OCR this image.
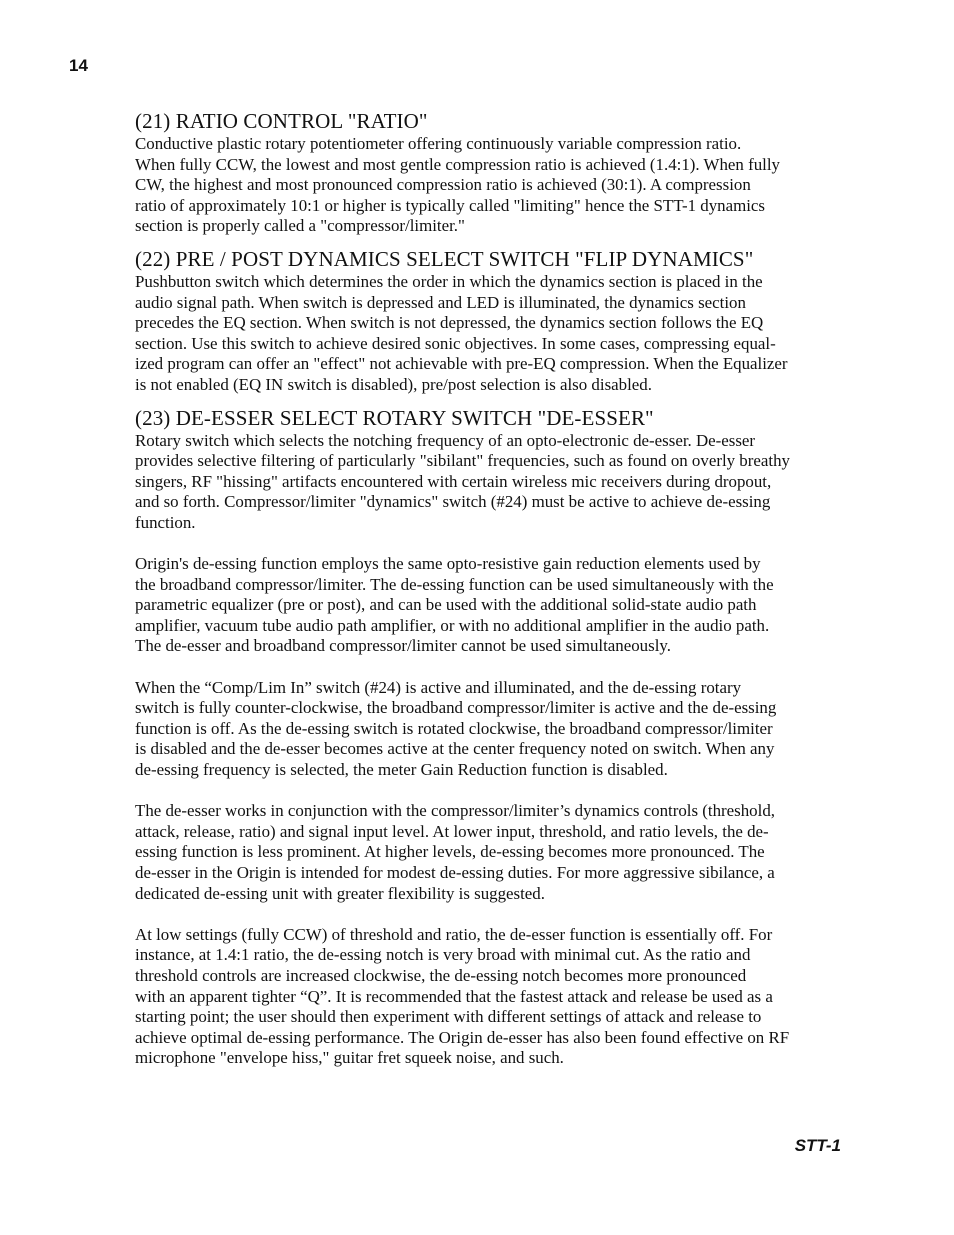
14
(21) RATIO CONTROL "RATIO"

Conductive plastic rotary potentiometer offering continuously variable compression ratio.
When fully CCW, the lowest and most gentle compression ratio is achieved (1.4:1). When fully
CW, the highest and most pronounced compression ratio is achieved (30:1). A compression
ratio of approximately 10:1 or higher is typically called "limiting" hence the STT-1 dynamics
section is properly called a "compressor/limiter."

(22) PRE / POST DYNAMICS SELECT SWITCH "FLIP DYNAMICS"

Pushbutton switch which determines the order in which the dynamics section is placed in the
audio signal path. When switch is depressed and LED is illuminated, the dynamics section
precedes the EQ section. When switch is not depressed, the dynamics section follows the EQ
section. Use this switch to achieve desired sonic objectives. In some cases, compressing equal-
ized program can offer an "effect" not achievable with pre-EQ compression. When the Equalizer
is not enabled (EQ IN switch is disabled), pre/post selection is also disabled.

(23) DE-ESSER SELECT ROTARY SWITCH "DE-ESSER"

Rotary switch which selects the notching frequency of an opto-electronic de-esser. De-esser
provides selective filtering of particularly "sibilant" frequencies, such as found on overly breathy
singers, RF "hissing" artifacts encountered with certain wireless mic receivers during dropout,
and so forth. Compressor/limiter "dynamics" switch (#24) must be active to achieve de-essing
function.

Origin's de-essing function employs the same opto-resistive gain reduction elements used by
the broadband compressor/limiter. The de-essing function can be used simultaneously with the
parametric equalizer (pre or post), and can be used with the additional solid-state audio path
amplifier, vacuum tube audio path amplifier, or with no additional amplifier in the audio path.
The de-esser and broadband compressor/limiter cannot be used simultaneously.

When the “Comp/Lim In” switch (#24) is active and illuminated, and the de-essing rotary
switch is fully counter-clockwise, the broadband compressor/limiter is active and the de-essing
function is off. As the de-essing switch is rotated clockwise, the broadband compressor/limiter
is disabled and the de-esser becomes active at the center frequency noted on switch. When any
de-essing frequency is selected, the meter Gain Reduction function is disabled.

The de-esser works in conjunction with the compressor/limiter’s dynamics controls (threshold,
attack, release, ratio) and signal input level. At lower input, threshold, and ratio levels, the de-
essing function is less prominent. At higher levels, de-essing becomes more pronounced. The
de-esser in the Origin is intended for modest de-essing duties. For more aggressive sibilance, a
dedicated de-essing unit with greater flexibility is suggested.

At low settings (fully CCW) of threshold and ratio, the de-esser function is essentially off. For
instance, at 1.4:1 ratio, the de-essing notch is very broad with minimal cut. As the ratio and
threshold controls are increased clockwise, the de-essing notch becomes more pronounced
with an apparent tighter “Q”. It is recommended that the fastest attack and release be used as a
starting point; the user should then experiment with different settings of attack and release to
achieve optimal de-essing performance. The Origin de-esser has also been found effective on RF
microphone "envelope hiss," guitar fret squeek noise, and such.

STT-1
